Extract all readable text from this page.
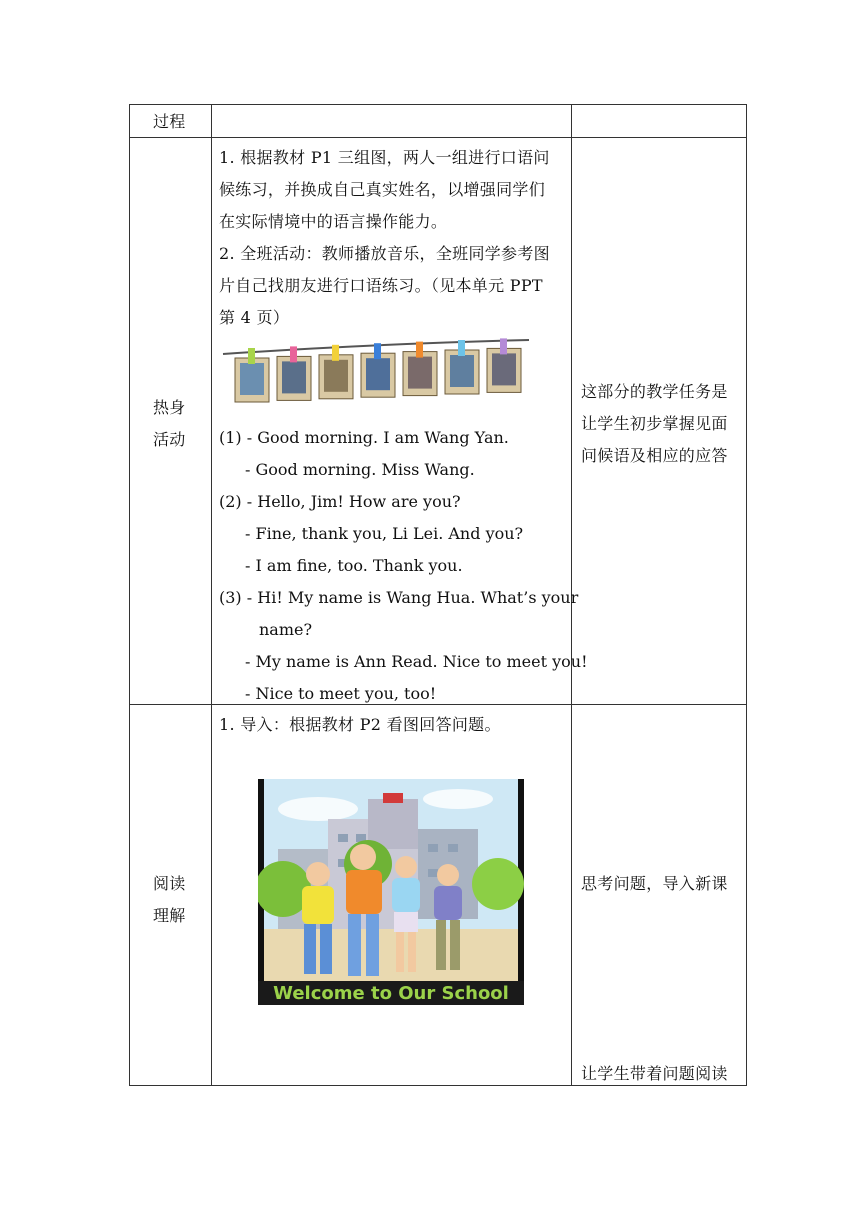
过程
热身
活动
1. 根据教材 P1 三组图，两人一组进行口语问
候练习，并换成自己真实姓名，以增强同学们
在实际情境中的语言操作能力。
2. 全班活动：教师播放音乐，全班同学参考图
片自己找朋友进行口语练习。（见本单元 PPT
第 4 页）
(1) - Good morning. I am Wang Yan.
- Good morning. Miss Wang.
(2) - Hello, Jim! How are you?
- Fine, thank you, Li Lei. And you?
- I am fine, too. Thank you.
(3) - Hi! My name is Wang Hua. What’s your
name?
- My name is Ann Read. Nice to meet you!
- Nice to meet you, too!
这部分的教学任务是
让学生初步掌握见面
问候语及相应的应答
阅读
理解
1. 导入：根据教材 P2 看图回答问题。
Welcome to Our School
思考问题，导入新课
让学生带着问题阅读
